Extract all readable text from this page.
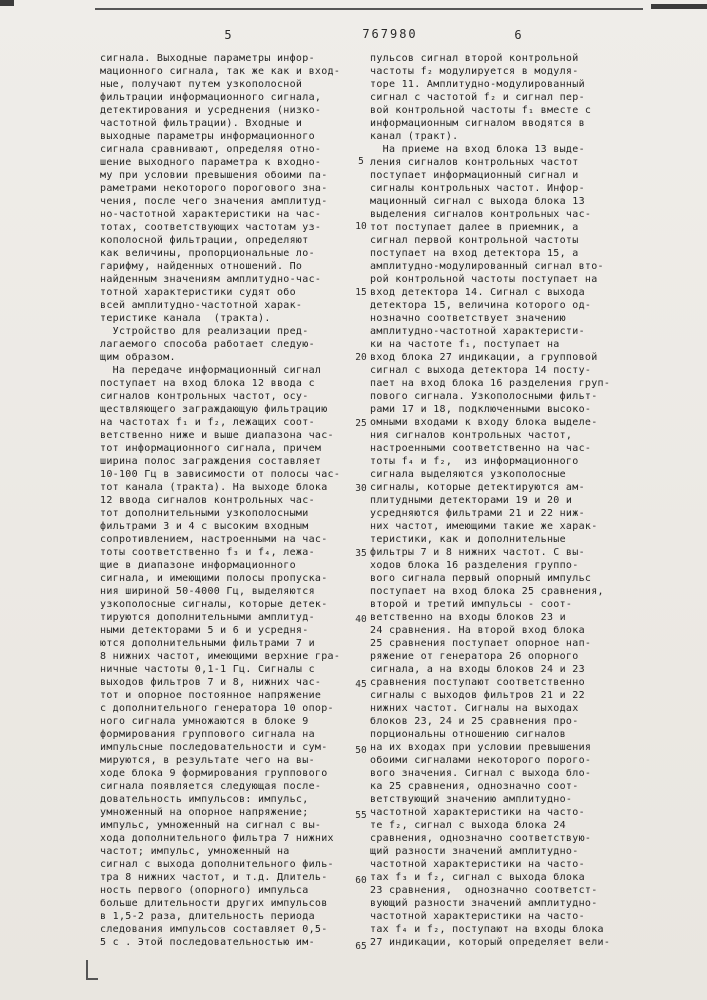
5	767980	6
сигнала. Выходные параметры инфор-
мационного сигнала, так же как и вход-
ные, получают путем узкополосной
фильтрации информационного сигнала,
детектирования и усреднения (низко-
частотной фильтрации). Входные и
выходные параметры информационного
сигнала сравнивают, определяя отно-
шение выходного параметра к входно-
му при условии превышения обоими па-
раметрами некоторого порогового зна-
чения, после чего значения амплитуд-
но-частотной характеристики на час-
тотах, соответствующих частотам уз-
кополосной фильтрации, определяют
как величины, пропорциональные ло-
гарифму, найденных отношений. По
найденным значениям амплитудно-час-
тотной характеристики судят обо
всей амплитудно-частотной харак-
теристике канала  (тракта).
Устройство для реализации пред-
лагаемого способа работает следую-
щим образом.
На передаче информационный сигнал
поступает на вход блока 12 ввода с
сигналов контрольных частот, осу-
ществляющего заграждающую фильтрацию
на частотах f₁ и f₂, лежащих соот-
ветственно ниже и выше диапазона час-
тот информационного сигнала, причем
ширина полос заграждения составляет
10-100 Гц в зависимости от полосы час-
тот канала (тракта). На выходе блока
12 ввода сигналов контрольных час-
тот дополнительными узкополосными
фильтрами 3 и 4 с высоким входным
сопротивлением, настроенными на час-
тоты соответственно f₃ и f₄, лежа-
щие в диапазоне информационного
сигнала, и имеющими полосы пропуска-
ния шириной 50-4000 Гц, выделяются
узкополосные сигналы, которые детек-
тируются дополнительными амплитуд-
ными детекторами 5 и 6 и усредня-
ются дополнительными фильтрами 7 и
8 нижних частот, имеющими верхние гра-
ничные частоты 0,1-1 Гц. Сигналы с
выходов фильтров 7 и 8, нижних час-
тот и опорное постоянное напряжение
с дополнительного генератора 10 опор-
ного сигнала умножаются в блоке 9
формирования группового сигнала на
импульсные последовательности и сум-
мируются, в результате чего на вы-
ходе блока 9 формирования группового
сигнала появляется следующая после-
довательность импульсов: импульс,
умноженный на опорное напряжение;
импульс, умноженный на сигнал с вы-
хода дополнительного фильтра 7 нижних
частот; импульс, умноженный на
сигнал с выхода дополнительного филь-
тра 8 нижних частот, и т.д. Длитель-
ность первого (опорного) импульса
больше длительности других импульсов
в 1,5-2 раза, длительность периода
следования импульсов составляет 0,5-
5 с . Этой последовательностью им-
пульсов сигнал второй контрольной
частоты f₂ модулируется в модуля-
торе 11. Амплитудно-модулированный
сигнал с частотой f₂ и сигнал пер-
вой контрольной частоты f₁ вместе с
информационным сигналом вводятся в
канал (тракт).
На приеме на вход блока 13 выде-
ления сигналов контрольных частот
поступает информационный сигнал и
сигналы контрольных частот. Инфор-
мационный сигнал с выхода блока 13
выделения сигналов контрольных час-
тот поступает далее в приемник, а
сигнал первой контрольной частоты
поступает на вход детектора 15, а
амплитудно-модулированный сигнал вто-
рой контрольной частоты поступает на
вход детектора 14. Сигнал с выхода
детектора 15, величина которого од-
нозначно соответствует значению
амплитудно-частотной характеристи-
ки на частоте f₁, поступает на
вход блока 27 индикации, а групповой
сигнал с выхода детектора 14 посту-
пает на вход блока 16 разделения груп-
пового сигнала. Узкополосными фильт-
рами 17 и 18, подключенными высоко-
омными входами к входу блока выделе-
ния сигналов контрольных частот,
настроенными соответственно на час-
тоты f₄ и f₂,  из информационного
сигнала выделяются узкополосные
сигналы, которые детектируются ам-
плитудными детекторами 19 и 20 и
усредняются фильтрами 21 и 22 ниж-
них частот, имеющими такие же харак-
теристики, как и дополнительные
фильтры 7 и 8 нижних частот. С вы-
ходов блока 16 разделения группо-
вого сигнала первый опорный импульс
поступает на вход блока 25 сравнения,
второй и третий импульсы - соот-
ветственно на входы блоков 23 и
24 сравнения. На второй вход блока
25 сравнения поступает опорное нап-
ряжение от генератора 26 опорного
сигнала, а на входы блоков 24 и 23
сравнения поступают соответственно
сигналы с выходов фильтров 21 и 22
нижних частот. Сигналы на выходах
блоков 23, 24 и 25 сравнения про-
порциональны отношению сигналов
на их входах при условии превышения
обоими сигналами некоторого порого-
вого значения. Сигнал с выхода бло-
ка 25 сравнения, однозначно соот-
ветствующий значению амплитудно-
частотной характеристики на часто-
те f₂, сигнал с выхода блока 24
сравнения, однозначно соответствую-
щий разности значений амплитудно-
частотной характеристики на часто-
тах f₃ и f₂, сигнал с выхода блока
23 сравнения,  однозначно соответст-
вующий разности значений амплитудно-
частотной характеристики на часто-
тах f₄ и f₂, поступают на входы блока
27 индикации, который определяет вели-
5
10
15
20
25
30
35
40
45
50
55
60
65
